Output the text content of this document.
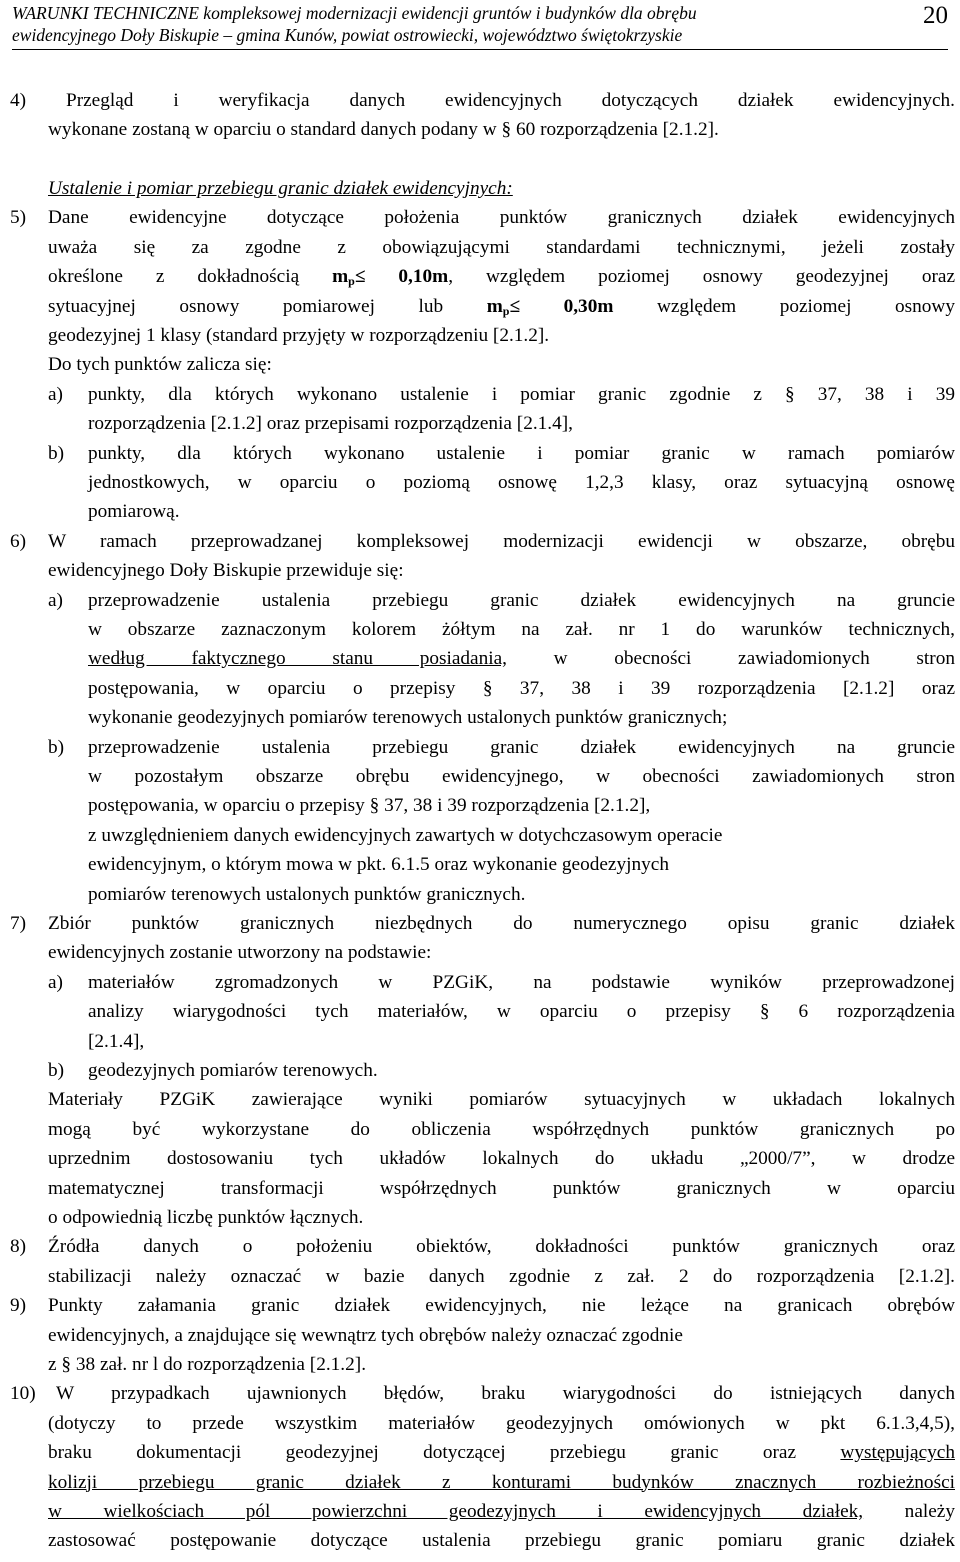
WARUNKI TECHNICZNE kompleksowej modernizacji ewidencji gruntów i budynków dla obrębu
ewidencyjnego Doły Biskupie – gmina Kunów, powiat ostrowiecki, województwo świętokrzyskie
20
4) Przegląd i weryfikacja danych ewidencyjnych dotyczących działek ewidencyjnych.
wykonane zostaną w oparciu o standard danych podany w § 60 rozporządzenia [2.1.2].
Ustalenie i pomiar przebiegu granic działek ewidencyjnych:
5) Dane ewidencyjne dotyczące położenia punktów granicznych działek ewidencyjnych
uważa się za zgodne z obowiązującymi standardami technicznymi, jeżeli zostały
określone z dokładnością $m_p\le 0,10m$, względem poziomej osnowy geodezyjnej oraz
sytuacyjnej osnowy pomiarowej lub $m_p\le 0,30m$ względem poziomej osnowy
geodezyjnej 1 klasy (standard przyjęty w rozporządzeniu [2.1.2].
Do tych punktów zalicza się:
a) punkty, dla których wykonano ustalenie i pomiar granic zgodnie z § 37, 38 i 39
rozporządzenia [2.1.2] oraz przepisami rozporządzenia [2.1.4],
b) punkty, dla których wykonano ustalenie i pomiar granic w ramach pomiarów
jednostkowych, w oparciu o poziomą osnowę 1,2,3 klasy, oraz sytuacyjną osnowę
pomiarową.
6) W ramach przeprowadzanej kompleksowej modernizacji ewidencji w obszarze, obrębu
ewidencyjnego Doły Biskupie przewiduje się:
a) przeprowadzenie ustalenia przebiegu granic działek ewidencyjnych na gruncie
w obszarze zaznaczonym kolorem żółtym na zał. nr 1 do warunków technicznych,
według faktycznego stanu posiadania, w obecności zawiadomionych stron
postępowania, w oparciu o przepisy § 37, 38 i 39 rozporządzenia [2.1.2] oraz
wykonanie geodezyjnych pomiarów terenowych ustalonych punktów granicznych;
b) przeprowadzenie ustalenia przebiegu granic działek ewidencyjnych na gruncie
w pozostałym obszarze obrębu ewidencyjnego, w obecności zawiadomionych stron
postępowania, w oparciu o przepisy § 37, 38 i 39 rozporządzenia [2.1.2],
z uwzględnieniem danych ewidencyjnych zawartych w dotychczasowym operacie
ewidencyjnym, o którym mowa w pkt. 6.1.5 oraz wykonanie geodezyjnych
pomiarów terenowych ustalonych punktów granicznych.
7) Zbiór punktów granicznych niezbędnych do numerycznego opisu granic działek
ewidencyjnych zostanie utworzony na podstawie:
a) materiałów zgromadzonych w PZGiK, na podstawie wyników przeprowadzonej
analizy wiarygodności tych materiałów, w oparciu o przepisy § 6 rozporządzenia
[2.1.4],
b) geodezyjnych pomiarów terenowych.
Materiały PZGiK zawierające wyniki pomiarów sytuacyjnych w układach lokalnych
mogą być wykorzystane do obliczenia współrzędnych punktów granicznych po
uprzednim dostosowaniu tych układów lokalnych do układu „2000/7”, w drodze
matematycznej transformacji współrzędnych punktów granicznych w oparciu
o odpowiednią liczbę punktów łącznych.
8) Źródła danych o położeniu obiektów, dokładności punktów granicznych oraz
stabilizacji należy oznaczać w bazie danych zgodnie z zał. 2 do rozporządzenia [2.1.2].
9) Punkty załamania granic działek ewidencyjnych, nie leżące na granicach obrębów
ewidencyjnych, a znajdujące się wewnątrz tych obrębów należy oznaczać zgodnie
z § 38 zał. nr l do rozporządzenia [2.1.2].
10) W przypadkach ujawnionych błędów, braku wiarygodności do istniejących danych
(dotyczy to przede wszystkim materiałów geodezyjnych omówionych w pkt 6.1.3,4,5),
braku dokumentacji geodezyjnej dotyczącej przebiegu granic oraz występujących
kolizji przebiegu granic działek z konturami budynków znacznych rozbieżności
w wielkościach pól powierzchni geodezyjnych i ewidencyjnych działek, należy
zastosować postępowanie dotyczące ustalenia przebiegu granic pomiaru granic działek
